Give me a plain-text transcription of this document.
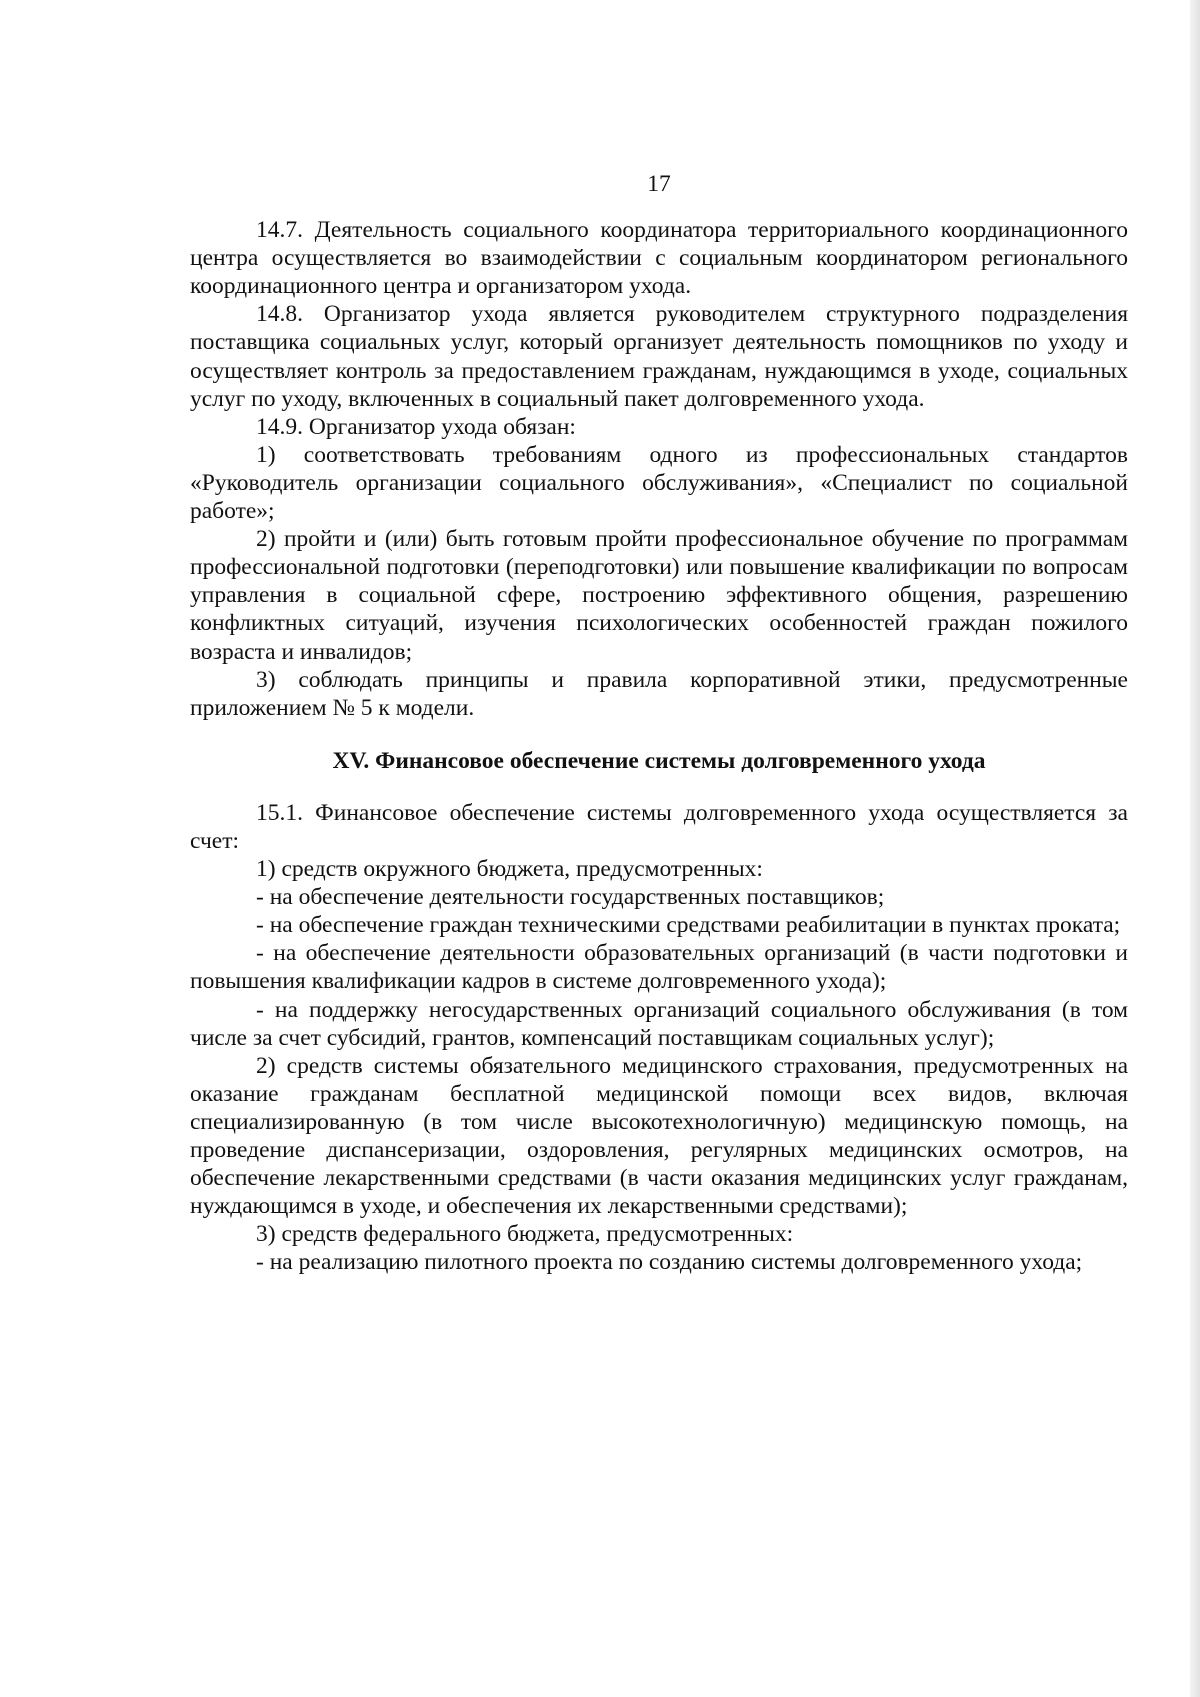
17

14.7. Деятельность социального координатора территориального координационного центра осуществляется во взаимодействии с социальным координатором регионального координационного центра и организатором ухода.

14.8. Организатор ухода является руководителем структурного подразделения поставщика социальных услуг, который организует деятельность помощников по уходу и осуществляет контроль за предоставлением гражданам, нуждающимся в уходе, социальных услуг по уходу, включенных в социальный пакет долговременного ухода.

14.9. Организатор ухода обязан:

1) соответствовать требованиям одного из профессиональных стандартов «Руководитель организации социального обслуживания», «Специалист по социальной работе»;

2) пройти и (или) быть готовым пройти профессиональное обучение по программам профессиональной подготовки (переподготовки) или повышение квалификации по вопросам управления в социальной сфере, построению эффективного общения, разрешению конфликтных ситуаций, изучения психологических особенностей граждан пожилого возраста и инвалидов;

3) соблюдать принципы и правила корпоративной этики, предусмотренные приложением № 5 к модели.

XV. Финансовое обеспечение системы долговременного ухода

15.1. Финансовое обеспечение системы долговременного ухода осуществляется за счет:

1) средств окружного бюджета, предусмотренных:

- на обеспечение деятельности государственных поставщиков;

- на обеспечение граждан техническими средствами реабилитации в пунктах проката;

- на обеспечение деятельности образовательных организаций (в части подготовки и повышения квалификации кадров в системе долговременного ухода);

- на поддержку негосударственных организаций социального обслуживания (в том числе за счет субсидий, грантов, компенсаций поставщикам социальных услуг);

2) средств системы обязательного медицинского страхования, предусмотренных на оказание гражданам бесплатной медицинской помощи всех видов, включая специализированную (в том числе высокотехнологичную) медицинскую помощь, на проведение диспансеризации, оздоровления, регулярных медицинских осмотров, на обеспечение лекарственными средствами (в части оказания медицинских услуг гражданам, нуждающимся в уходе, и обеспечения их лекарственными средствами);

3) средств федерального бюджета, предусмотренных:

- на реализацию пилотного проекта по созданию системы долговременного ухода;
